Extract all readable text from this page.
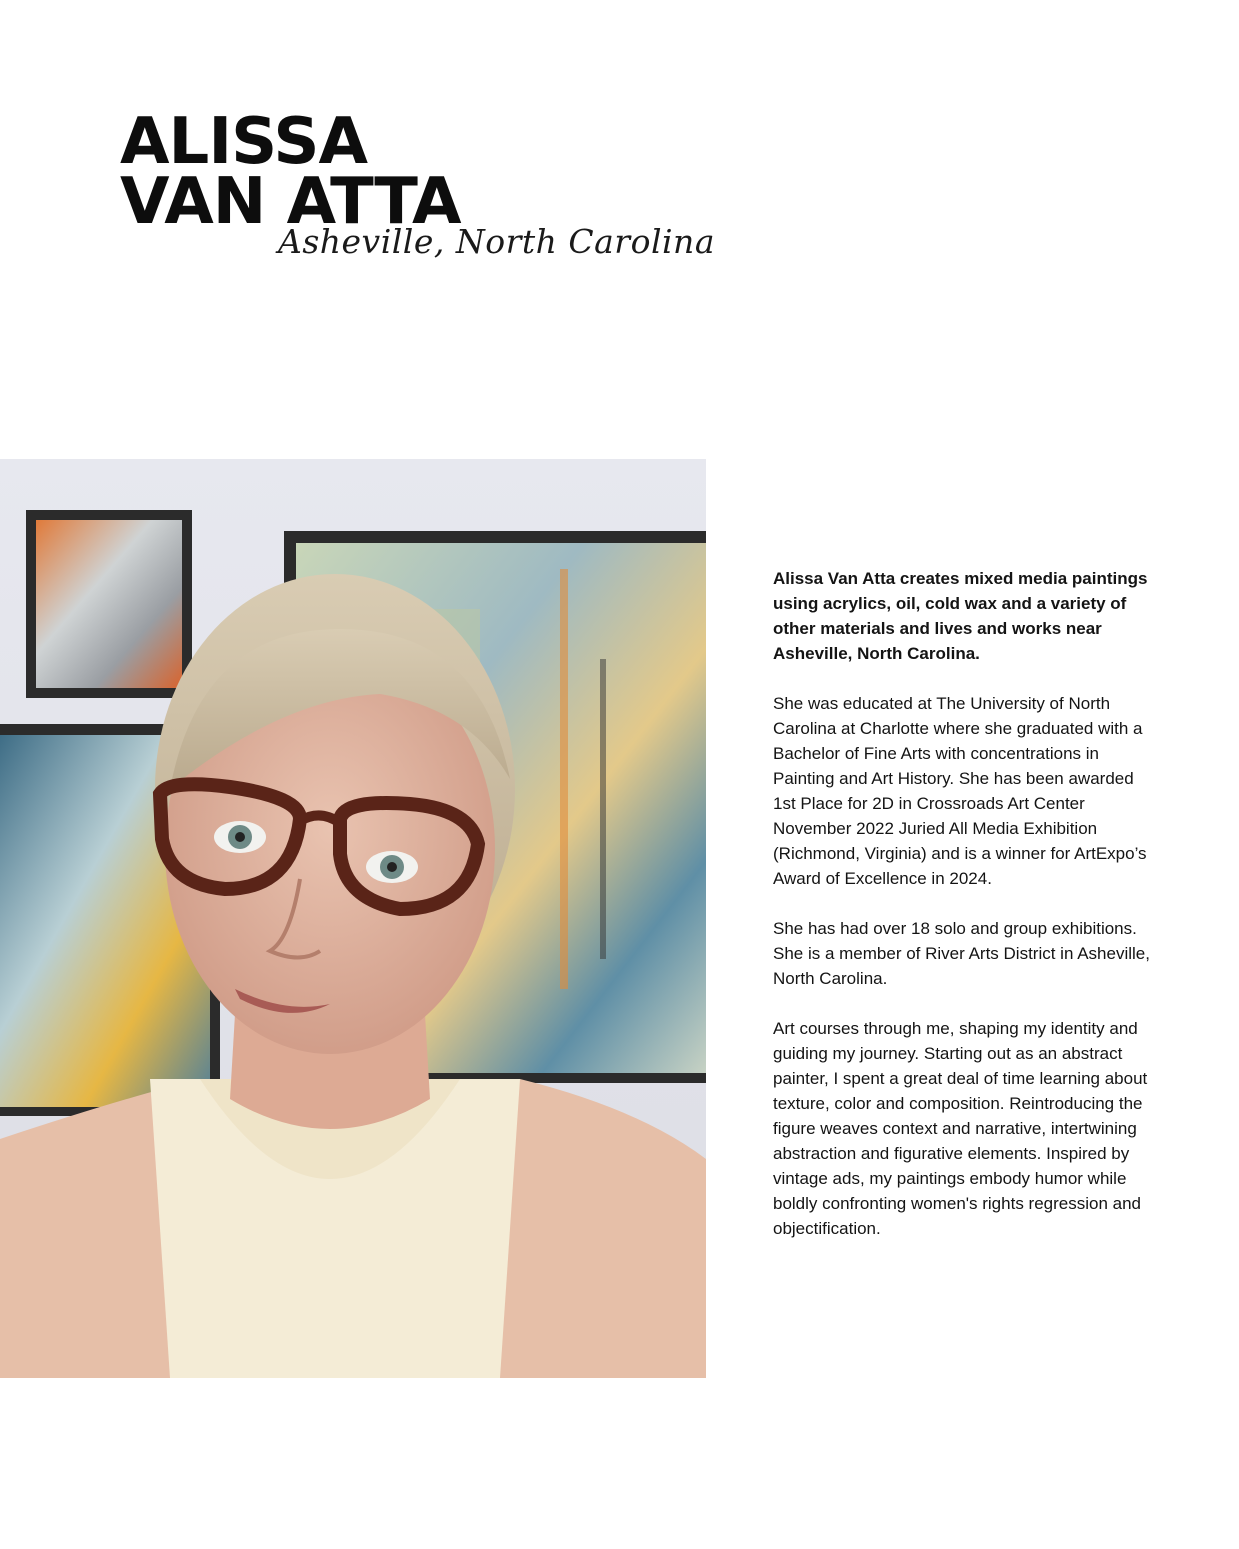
ALISSA
VAN ATTA
Asheville, North Carolina

Alissa Van Atta creates mixed media paintings using acrylics, oil, cold wax and a variety of other materials and lives and works near Asheville, North Carolina.

She was educated at The University of North Carolina at Charlotte where she graduated with a Bachelor of Fine Arts with concentrations in Painting and Art History. She has been awarded 1st Place for 2D in Crossroads Art Center November 2022 Juried All Media Exhibition (Richmond, Virginia) and is a winner for ArtExpo’s Award of Excellence in 2024.

She has had over 18 solo and group exhibitions. She is a member of River Arts District in Asheville, North Carolina.

Art courses through me, shaping my identity and guiding my journey. Starting out as an abstract painter, I spent a great deal of time learning about texture, color and composition. Reintroducing the figure weaves context and narrative, intertwining abstraction and figurative elements. Inspired by vintage ads, my paintings embody humor while boldly confronting women's rights regression and objectification.
